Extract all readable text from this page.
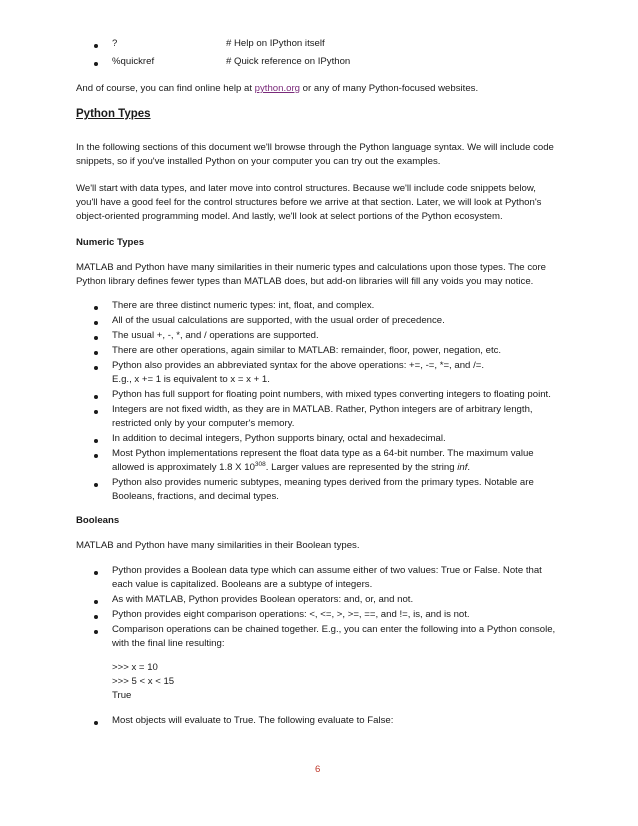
?	# Help on IPython itself
%quickref	# Quick reference on IPython
And of course, you can find online help at python.org or any of many Python-focused websites.
Python Types
In the following sections of this document we'll browse through the Python language syntax. We will include code
snippets, so if you've installed Python on your computer you can try out the examples.
We'll start with data types, and later move into control structures. Because we'll include code snippets below,
you'll have a good feel for the control structures before we arrive at that section. Later, we will look at Python's
object-oriented programming model. And lastly, we'll look at select portions of the Python ecosystem.
Numeric Types
MATLAB and Python have many similarities in their numeric types and calculations upon those types. The core
Python library defines fewer types than MATLAB does, but add-on libraries will fill any voids you may notice.
There are three distinct numeric types: int, float, and complex.
All of the usual calculations are supported, with the usual order of precedence.
The usual +, -, *, and / operations are supported.
There are other operations, again similar to MATLAB: remainder, floor, power, negation, etc.
Python also provides an abbreviated syntax for the above operations: +=, -=, *=, and /=.
E.g., x += 1 is equivalent to x = x + 1.
Python has full support for floating point numbers, with mixed types converting integers to floating point.
Integers are not fixed width, as they are in MATLAB. Rather, Python integers are of arbitrary length,
restricted only by your computer's memory.
In addition to decimal integers, Python supports binary, octal and hexadecimal.
Most Python implementations represent the float data type as a 64-bit number. The maximum value
allowed is approximately 1.8 X $10^{308}$. Larger values are represented by the string inf.
Python also provides numeric subtypes, meaning types derived from the primary types. Notable are
Booleans, fractions, and decimal types.
Booleans
MATLAB and Python have many similarities in their Boolean types.
Python provides a Boolean data type which can assume either of two values: True or False. Note that
each value is capitalized. Booleans are a subtype of integers.
As with MATLAB, Python provides Boolean operators: and, or, and not.
Python provides eight comparison operations: <, <=, >, >=, ==, and !=, is, and is not.
Comparison operations can be chained together. E.g., you can enter the following into a Python console,
with the final line resulting:
>>> x = 10
>>> 5 < x < 15
True
Most objects will evaluate to True. The following evaluate to False:
6
